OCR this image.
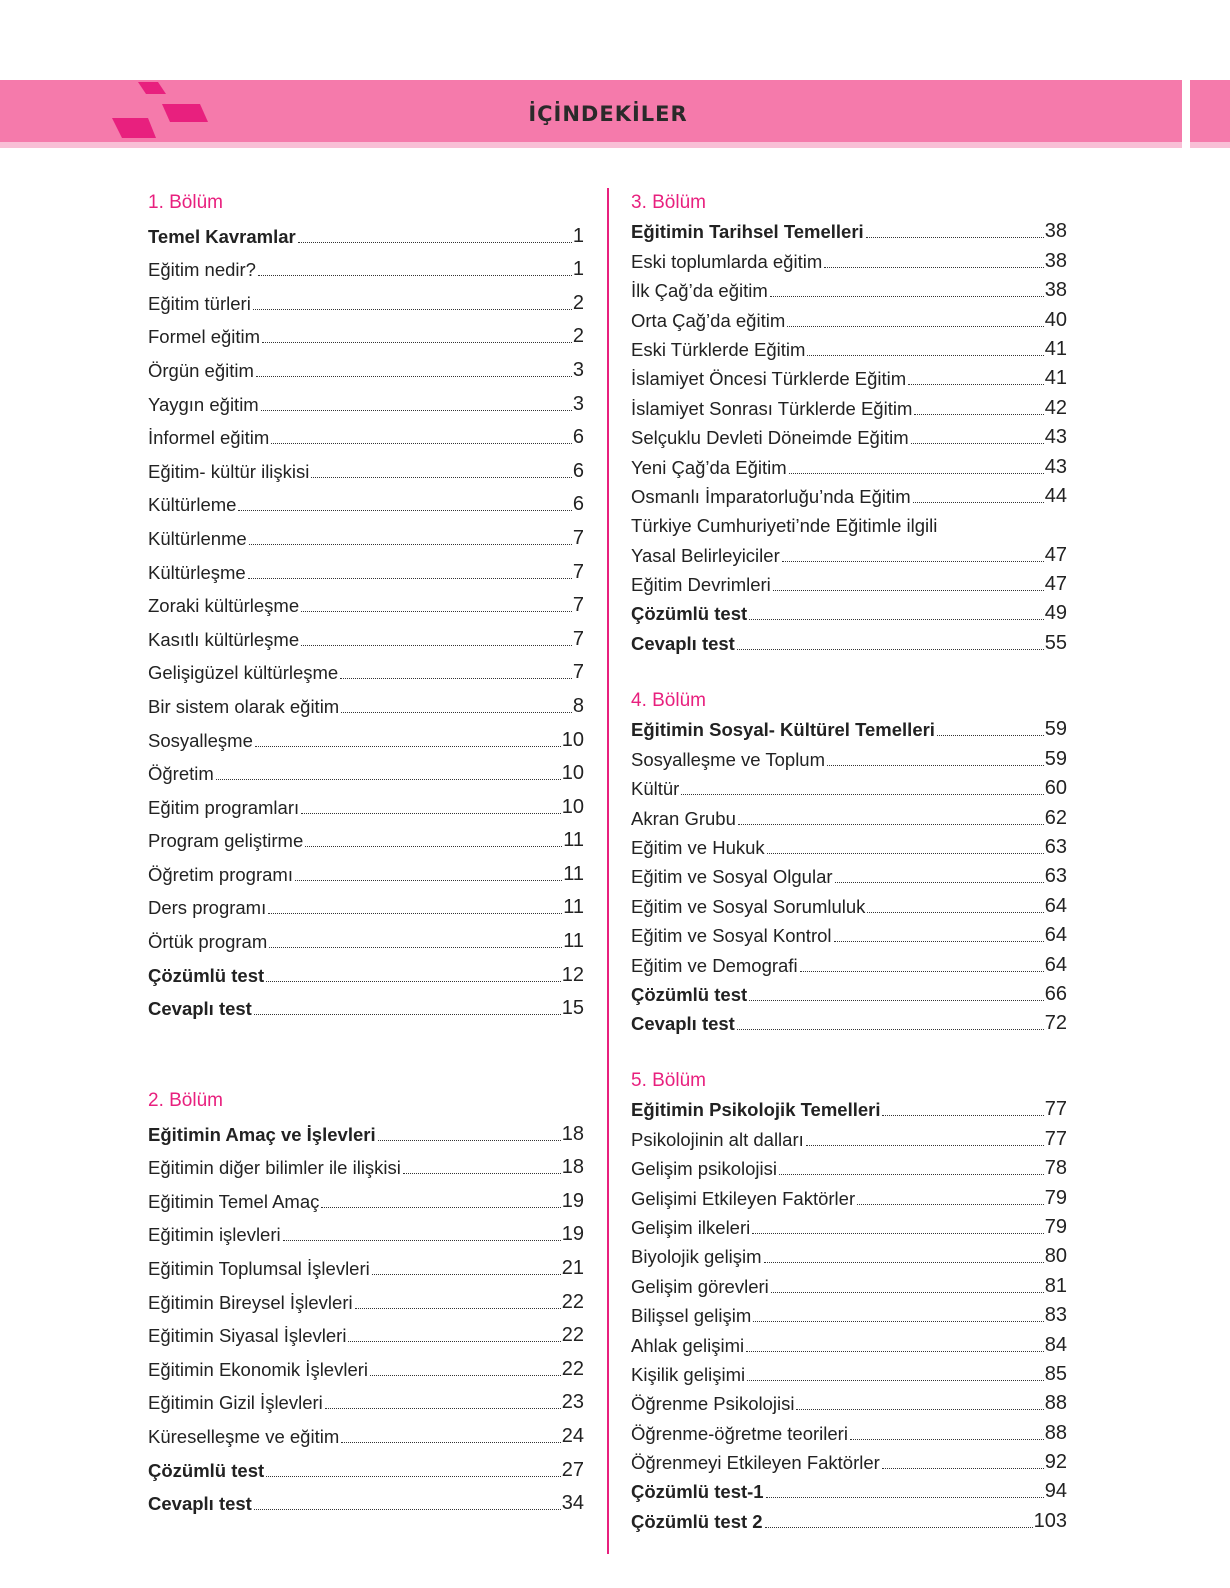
İÇİNDEKİLER
1. Bölüm
Temel Kavramlar	1
Eğitim nedir?	1
Eğitim türleri	2
Formel eğitim	2
Örgün eğitim	3
Yaygın eğitim	3
İnformel eğitim	6
Eğitim- kültür ilişkisi	6
Kültürleme	6
Kültürlenme	7
Kültürleşme	7
Zoraki kültürleşme	7
Kasıtlı kültürleşme	7
Gelişigüzel kültürleşme	7
Bir sistem olarak eğitim	8
Sosyalleşme	10
Öğretim	10
Eğitim programları	10
Program geliştirme	11
Öğretim programı	11
Ders programı	11
Örtük program	11
Çözümlü test	12
Cevaplı test	15
2. Bölüm
Eğitimin Amaç ve İşlevleri	18
Eğitimin diğer bilimler ile ilişkisi	18
Eğitimin Temel Amaç	19
Eğitimin işlevleri	19
Eğitimin Toplumsal İşlevleri	21
Eğitimin Bireysel İşlevleri	22
Eğitimin Siyasal İşlevleri	22
Eğitimin Ekonomik İşlevleri	22
Eğitimin Gizil İşlevleri	23
Küreselleşme ve eğitim	24
Çözümlü test	27
Cevaplı test	34
3. Bölüm
Eğitimin Tarihsel Temelleri	38
Eski toplumlarda eğitim	38
İlk Çağ’da eğitim	38
Orta Çağ’da eğitim	40
Eski Türklerde Eğitim	41
İslamiyet Öncesi Türklerde Eğitim	41
İslamiyet Sonrası Türklerde Eğitim	42
Selçuklu Devleti Döneimde Eğitim	43
Yeni Çağ’da Eğitim	43
Osmanlı İmparatorluğu’nda Eğitim	44
Türkiye Cumhuriyeti’nde Eğitimle ilgili
Yasal Belirleyiciler	47
Eğitim Devrimleri	47
Çözümlü test	49
Cevaplı test	55
4. Bölüm
Eğitimin Sosyal- Kültürel Temelleri	59
Sosyalleşme ve Toplum	59
Kültür	60
Akran Grubu	62
Eğitim ve Hukuk	63
Eğitim ve Sosyal Olgular	63
Eğitim ve Sosyal Sorumluluk	64
Eğitim ve Sosyal Kontrol	64
Eğitim ve Demografi	64
Çözümlü test	66
Cevaplı test	72
5. Bölüm
Eğitimin Psikolojik Temelleri	77
Psikolojinin alt dalları	77
Gelişim psikolojisi	78
Gelişimi Etkileyen Faktörler	79
Gelişim ilkeleri	79
Biyolojik gelişim	80
Gelişim görevleri	81
Bilişsel gelişim	83
Ahlak gelişimi	84
Kişilik gelişimi	85
Öğrenme Psikolojisi	88
Öğrenme-öğretme teorileri	88
Öğrenmeyi Etkileyen Faktörler	92
Çözümlü test-1	94
Çözümlü test 2	103
